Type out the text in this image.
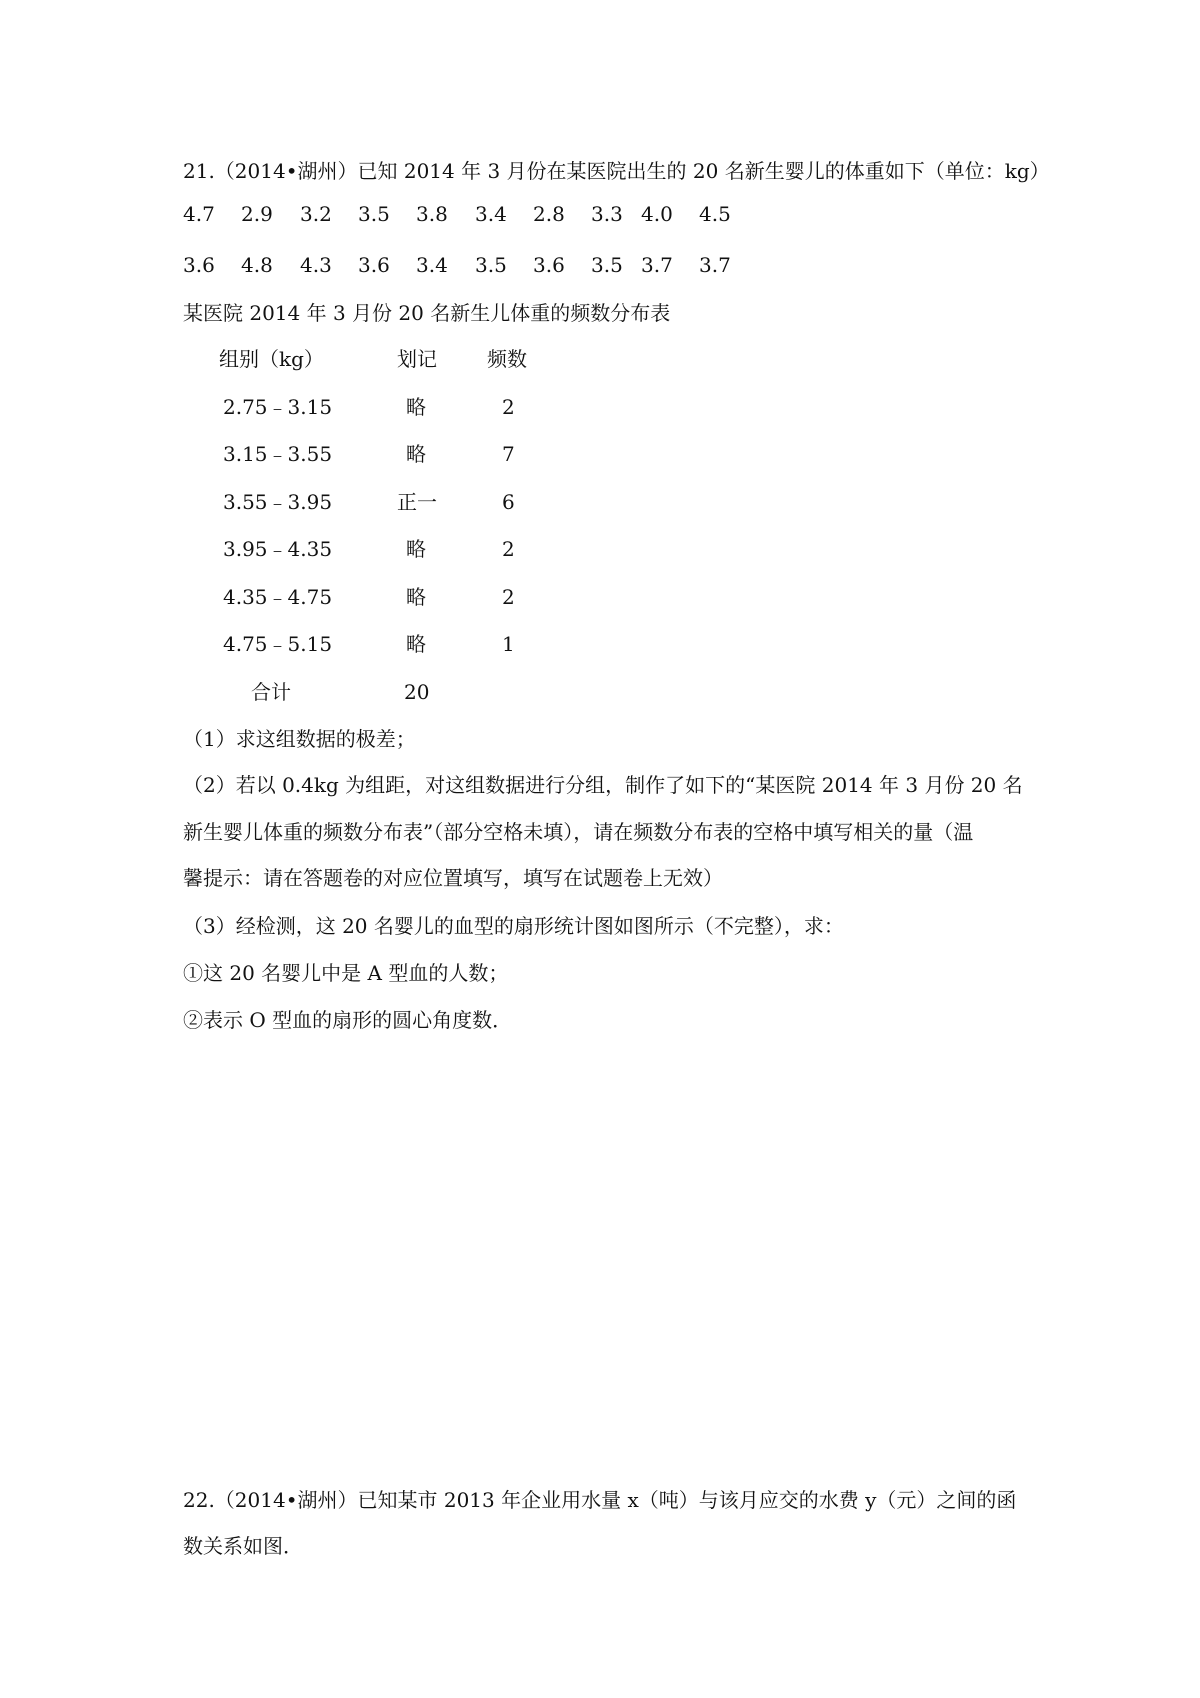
21.（2014•湖州）已知 2014 年 3 月份在某医院出生的 20 名新生婴儿的体重如下（单位：kg）
4.7 2.9 3.2 3.5 3.8 3.4 2.8 3.3 4.0 4.5
3.6 4.8 4.3 3.6 3.4 3.5 3.6 3.5 3.7 3.7
某医院 2014 年 3 月份 20 名新生儿体重的频数分布表
组别（kg）	划记	频数
2.75﹣3.15	略	2
3.15﹣3.55	略	7
3.55﹣3.95	正一	6
3.95﹣4.35	略	2
4.35﹣4.75	略	2
4.75﹣5.15	略	1
合计	20
（1）求这组数据的极差；
（2）若以 0.4kg 为组距，对这组数据进行分组，制作了如下的“某医院 2014 年 3 月份 20 名
新生婴儿体重的频数分布表”（部分空格未填），请在频数分布表的空格中填写相关的量（温
馨提示：请在答题卷的对应位置填写，填写在试题卷上无效）
（3）经检测，这 20 名婴儿的血型的扇形统计图如图所示（不完整），求：
①这 20 名婴儿中是 A 型血的人数；
②表示 O 型血的扇形的圆心角度数．
22.（2014•湖州）已知某市 2013 年企业用水量 x（吨）与该月应交的水费 y（元）之间的函
数关系如图．
